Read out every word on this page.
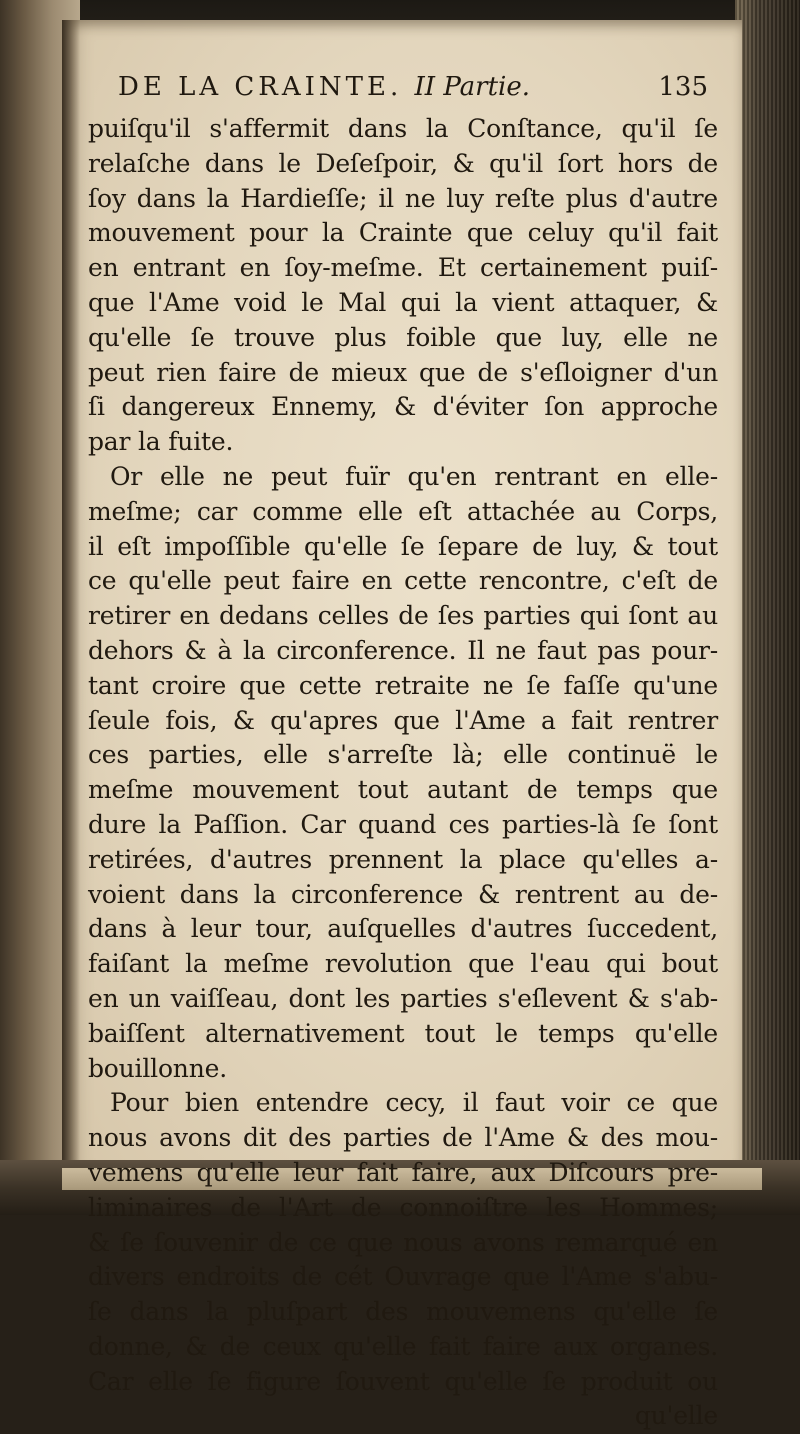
DE LA CRAINTE. II Partie.	135
puiſqu'il s'affermit dans la Conſtance, qu'il ſe
relaſche dans le Deſeſpoir, & qu'il ſort hors de
ſoy dans la Hardieſſe; il ne luy reſte plus d'autre
mouvement pour la Crainte que celuy qu'il fait
en entrant en ſoy-meſme. Et certainement puiſ-
que l'Ame void le Mal qui la vient attaquer, &
qu'elle ſe trouve plus foible que luy, elle ne
peut rien faire de mieux que de s'eſloigner d'un
ſi dangereux Ennemy, & d'éviter ſon approche
par la fuite.
Or elle ne peut fuïr qu'en rentrant en elle-
meſme; car comme elle eſt attachée au Corps,
il eſt impoſſible qu'elle ſe ſepare de luy, & tout
ce qu'elle peut faire en cette rencontre, c'eſt de
retirer en dedans celles de ſes parties qui ſont au
dehors & à la circonference. Il ne faut pas pour-
tant croire que cette retraite ne ſe faſſe qu'une
ſeule fois, & qu'apres que l'Ame a fait rentrer
ces parties, elle s'arreſte là; elle continuë le
meſme mouvement tout autant de temps que
dure la Paſſion. Car quand ces parties-là ſe ſont
retirées, d'autres prennent la place qu'elles a-
voient dans la circonference & rentrent au de-
dans à leur tour, auſquelles d'autres ſuccedent,
faiſant la meſme revolution que l'eau qui bout
en un vaiſſeau, dont les parties s'eſlevent & s'ab-
baiſſent alternativement tout le temps qu'elle
bouillonne.
Pour bien entendre cecy, il faut voir ce que
nous avons dit des parties de l'Ame & des mou-
vemens qu'elle leur fait faire, aux Diſcours pre-
liminaires de l'Art de connoiſtre les Hommes;
& ſe ſouvenir de ce que nous avons remarqué en
divers endroits de cét Ouvrage que l'Ame s'abu-
ſe dans la pluſpart des mouvemens qu'elle ſe
donne, & de ceux qu'elle fait faire aux organes.
Car elle ſe figure ſouvent qu'elle ſe produit ou
qu'elle
